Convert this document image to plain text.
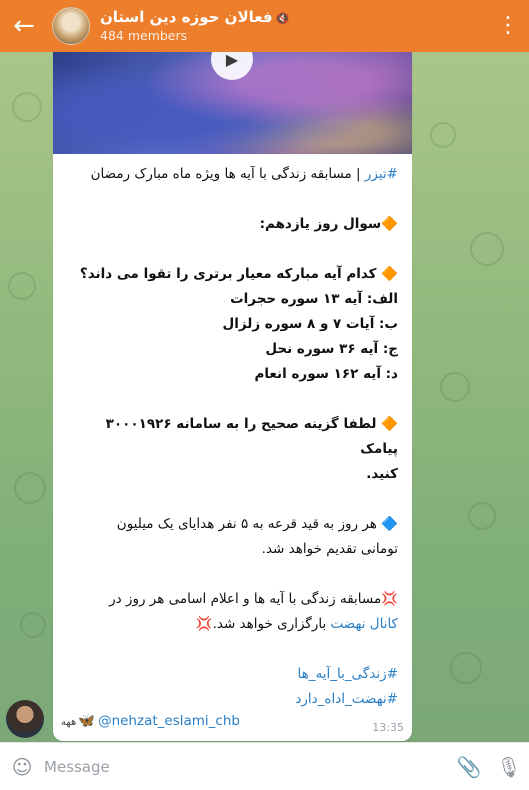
←	فعالان حوزه دین استان 🔇
484 members	⋮
▶
#تیزر | مسابقه زندگی با آیه ها ویژه ماه مبارک رمضان
🔶سوال روز یازدهم:
🔶 کدام آیه مبارکه معیار برتری را تقوا می داند؟
الف: آیه ۱۳ سوره حجرات
ب: آیات ۷ و ۸ سوره زلزال
ج: آیه ۳۶ سوره نحل
د: آیه ۱۶۲ سوره انعام
🔶 لطفا گزینه صحیح را به سامانه ۳۰۰۰۱۹۲۶ پیامک
کنید.
🔷 هر روز به قید قرعه به ۵ نفر هدایای یک میلیون
تومانی تقدیم خواهد شد.
💢مسابقه زندگی با آیه ها و اعلام اسامی هر روز در
کانال نهضت بارگزاری خواهد شد.💢
#زندگی_با_آیه_ها
#نهضت_اداه_دارد
ههه 🦋 @nehzat_eslami_chb	13:35
☺
Message	📎 🎙
